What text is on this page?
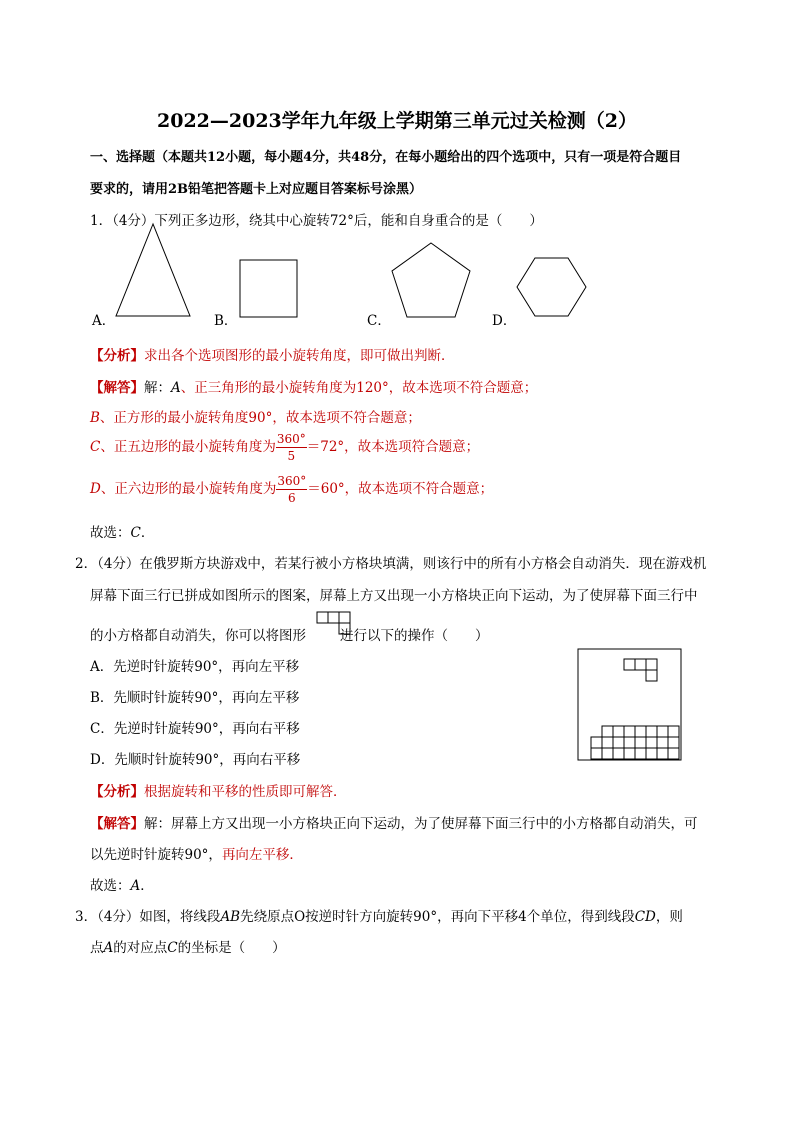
2022—2023学年九年级上学期第三单元过关检测（2）
一、选择题（本题共12小题，每小题4分，共48分，在每小题给出的四个选项中，只有一项是符合题目
要求的，请用2B铅笔把答题卡上对应题目答案标号涂黑）
1．（4分）下列正多边形，绕其中心旋转72°后，能和自身重合的是（　　）
A．	B．	C．	D．
【分析】求出各个选项图形的最小旋转角度，即可做出判断．
【解答】解：A、正三角形的最小旋转角度为120°，故本选项不符合题意；
B、正方形的最小旋转角度90°，故本选项不符合题意；
C、正五边形的最小旋转角度为 $\frac{360^\circ}{5} =72^\circ$，故本选项符合题意；
D、正六边形的最小旋转角度为 $\frac{360^\circ}{6} =60^\circ$，故本选项不符合题意；
故选：C．
2．（4分）在俄罗斯方块游戏中，若某行被小方格块填满，则该行中的所有小方格会自动消失．现在游戏机
屏幕下面三行已拼成如图所示的图案，屏幕上方又出现一小方格块正向下运动，为了使屏幕下面三行中
的小方格都自动消失，你可以将图形	进行以下的操作（　　）
A．先逆时针旋转90°，再向左平移
B．先顺时针旋转90°，再向左平移
C．先逆时针旋转90°，再向右平移
D．先顺时针旋转90°，再向右平移
【分析】根据旋转和平移的性质即可解答．
【解答】解：屏幕上方又出现一小方格块正向下运动，为了使屏幕下面三行中的小方格都自动消失，可
以先逆时针旋转90°，再向左平移．
故选：A．
3．（4分）如图，将线段AB先绕原点O按逆时针方向旋转90°，再向下平移4个单位，得到线段CD，则
点A的对应点C的坐标是（　　）
